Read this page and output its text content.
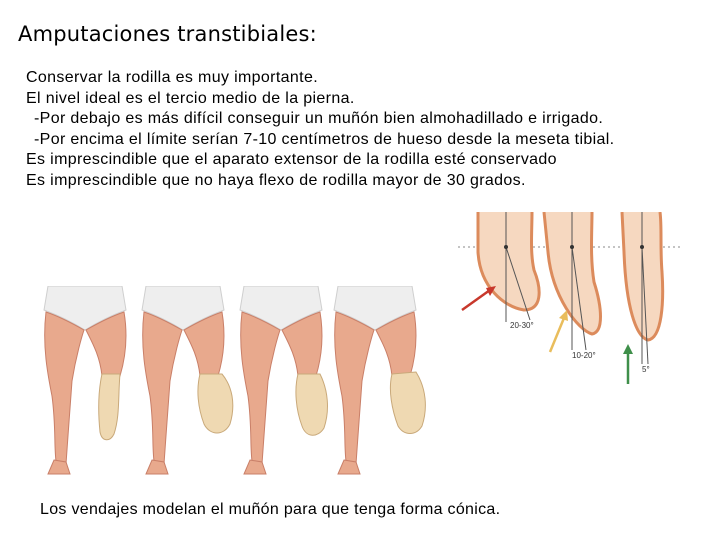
Amputaciones transtibiales:
Conservar la rodilla es muy importante.
El nivel ideal es el tercio medio de la pierna.
-Por debajo es más difícil conseguir un muñón bien almohadillado e irrigado.
-Por encima el límite serían 7-10 centímetros de hueso desde la meseta tibial.
Es imprescindible que el aparato extensor de la rodilla esté conservado
Es imprescindible que no haya flexo de rodilla mayor de 30 grados.
20-30°
10-20°
5°
Los vendajes modelan el muñón para que tenga forma cónica.
